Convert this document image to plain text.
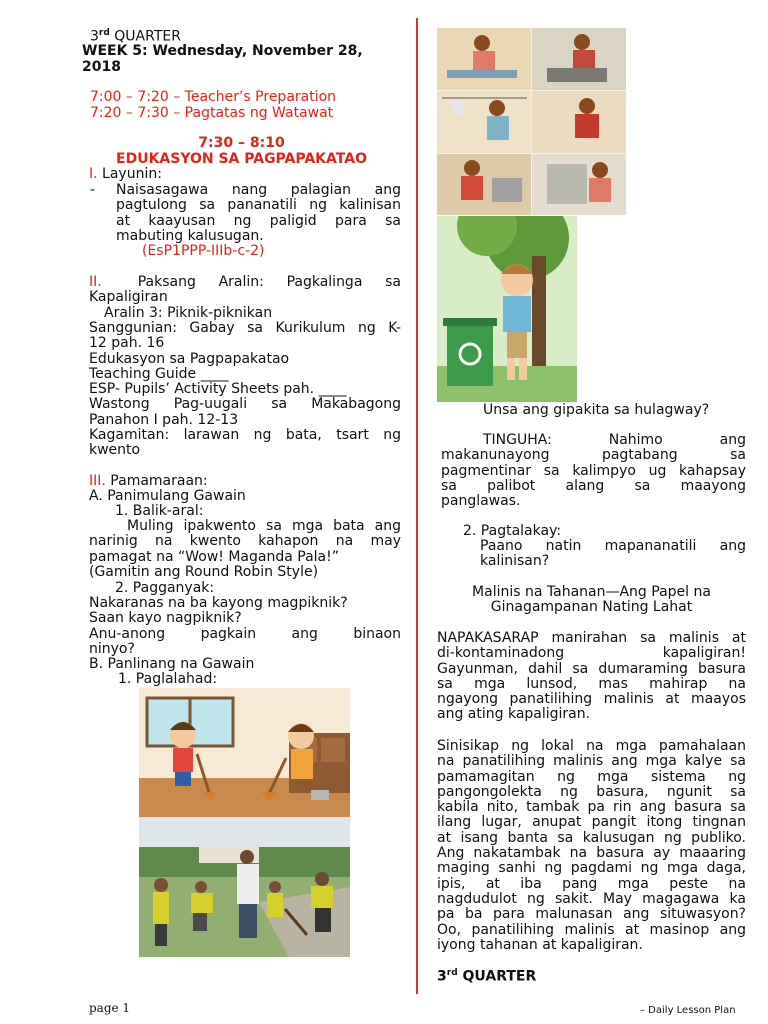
3rd QUARTER
WEEK 5: Wednesday, November 28,
2018
7:00 – 7:20 – Teacher’s Preparation
7:20 – 7:30 – Pagtatas ng Watawat
7:30 – 8:10
EDUKASYON SA PAGPAPAKATAO
I. Layunin:
- Naisasagawa nang palagian ang
pagtulong sa pananatili ng kalinisan
at kaayusan ng paligid para sa
mabuting kalusugan.
(EsP1PPP-IIIb-c-2)
II.	Paksang Aralin: Pagkalinga sa
Kapaligiran
Aralin 3: Piknik-piknikan
Sanggunian: Gabay sa Kurikulum ng K-
12 pah. 16
Edukasyon sa Pagpapakatao
Teaching Guide ____
ESP- Pupils’ Activity Sheets pah. ____
Wastong Pag-uugali sa Makabagong
Panahon I pah. 12-13
Kagamitan: larawan ng bata, tsart ng
kwento
III. Pamamaraan:
A. Panimulang Gawain
1. Balik-aral:
Muling ipakwento sa mga bata ang
narinig na kwento kahapon na may
pamagat na “Wow! Maganda Pala!”
(Gamitin ang Round Robin Style)
2. Pagganyak:
Nakaranas na ba kayong magpiknik?
Saan kayo nagpiknik?
Anu-anong pagkain ang binaon
ninyo?
B. Panlinang na Gawain
1. Paglalahad:
Unsa ang gipakita sa hulagway?
TINGUHA: Nahimo ang
makanunayong pagtabang sa
pagmentinar sa kalimpyo ug kahapsay
sa palibot alang sa maayong
panglawas.
2. Pagtalakay:
Paano natin mapananatili ang
kalinisan?
Malinis na Tahanan—Ang Papel na
Ginagampanan Nating Lahat
NAPAKASARAP manirahan sa malinis at
di-kontaminadong kapaligiran!
Gayunman, dahil sa dumaraming basura
sa mga lunsod, mas mahirap na
ngayong panatilihing malinis at maayos
ang ating kapaligiran.
Sinisikap ng lokal na mga pamahalaan
na panatilihing malinis ang mga kalye sa
pamamagitan ng mga sistema ng
pangongolekta ng basura, ngunit sa
kabila nito, tambak pa rin ang basura sa
ilang lugar, anupat pangit itong tingnan
at isang banta sa kalusugan ng publiko.
Ang nakatambak na basura ay maaaring
maging sanhi ng pagdami ng mga daga,
ipis, at iba pang mga peste na
nagdudulot ng sakit. May magagawa ka
pa ba para malunasan ang situwasyon?
Oo, panatilihing malinis at masinop ang
iyong tahanan at kapaligiran.
3rd QUARTER
page 1	– Daily Lesson Plan
